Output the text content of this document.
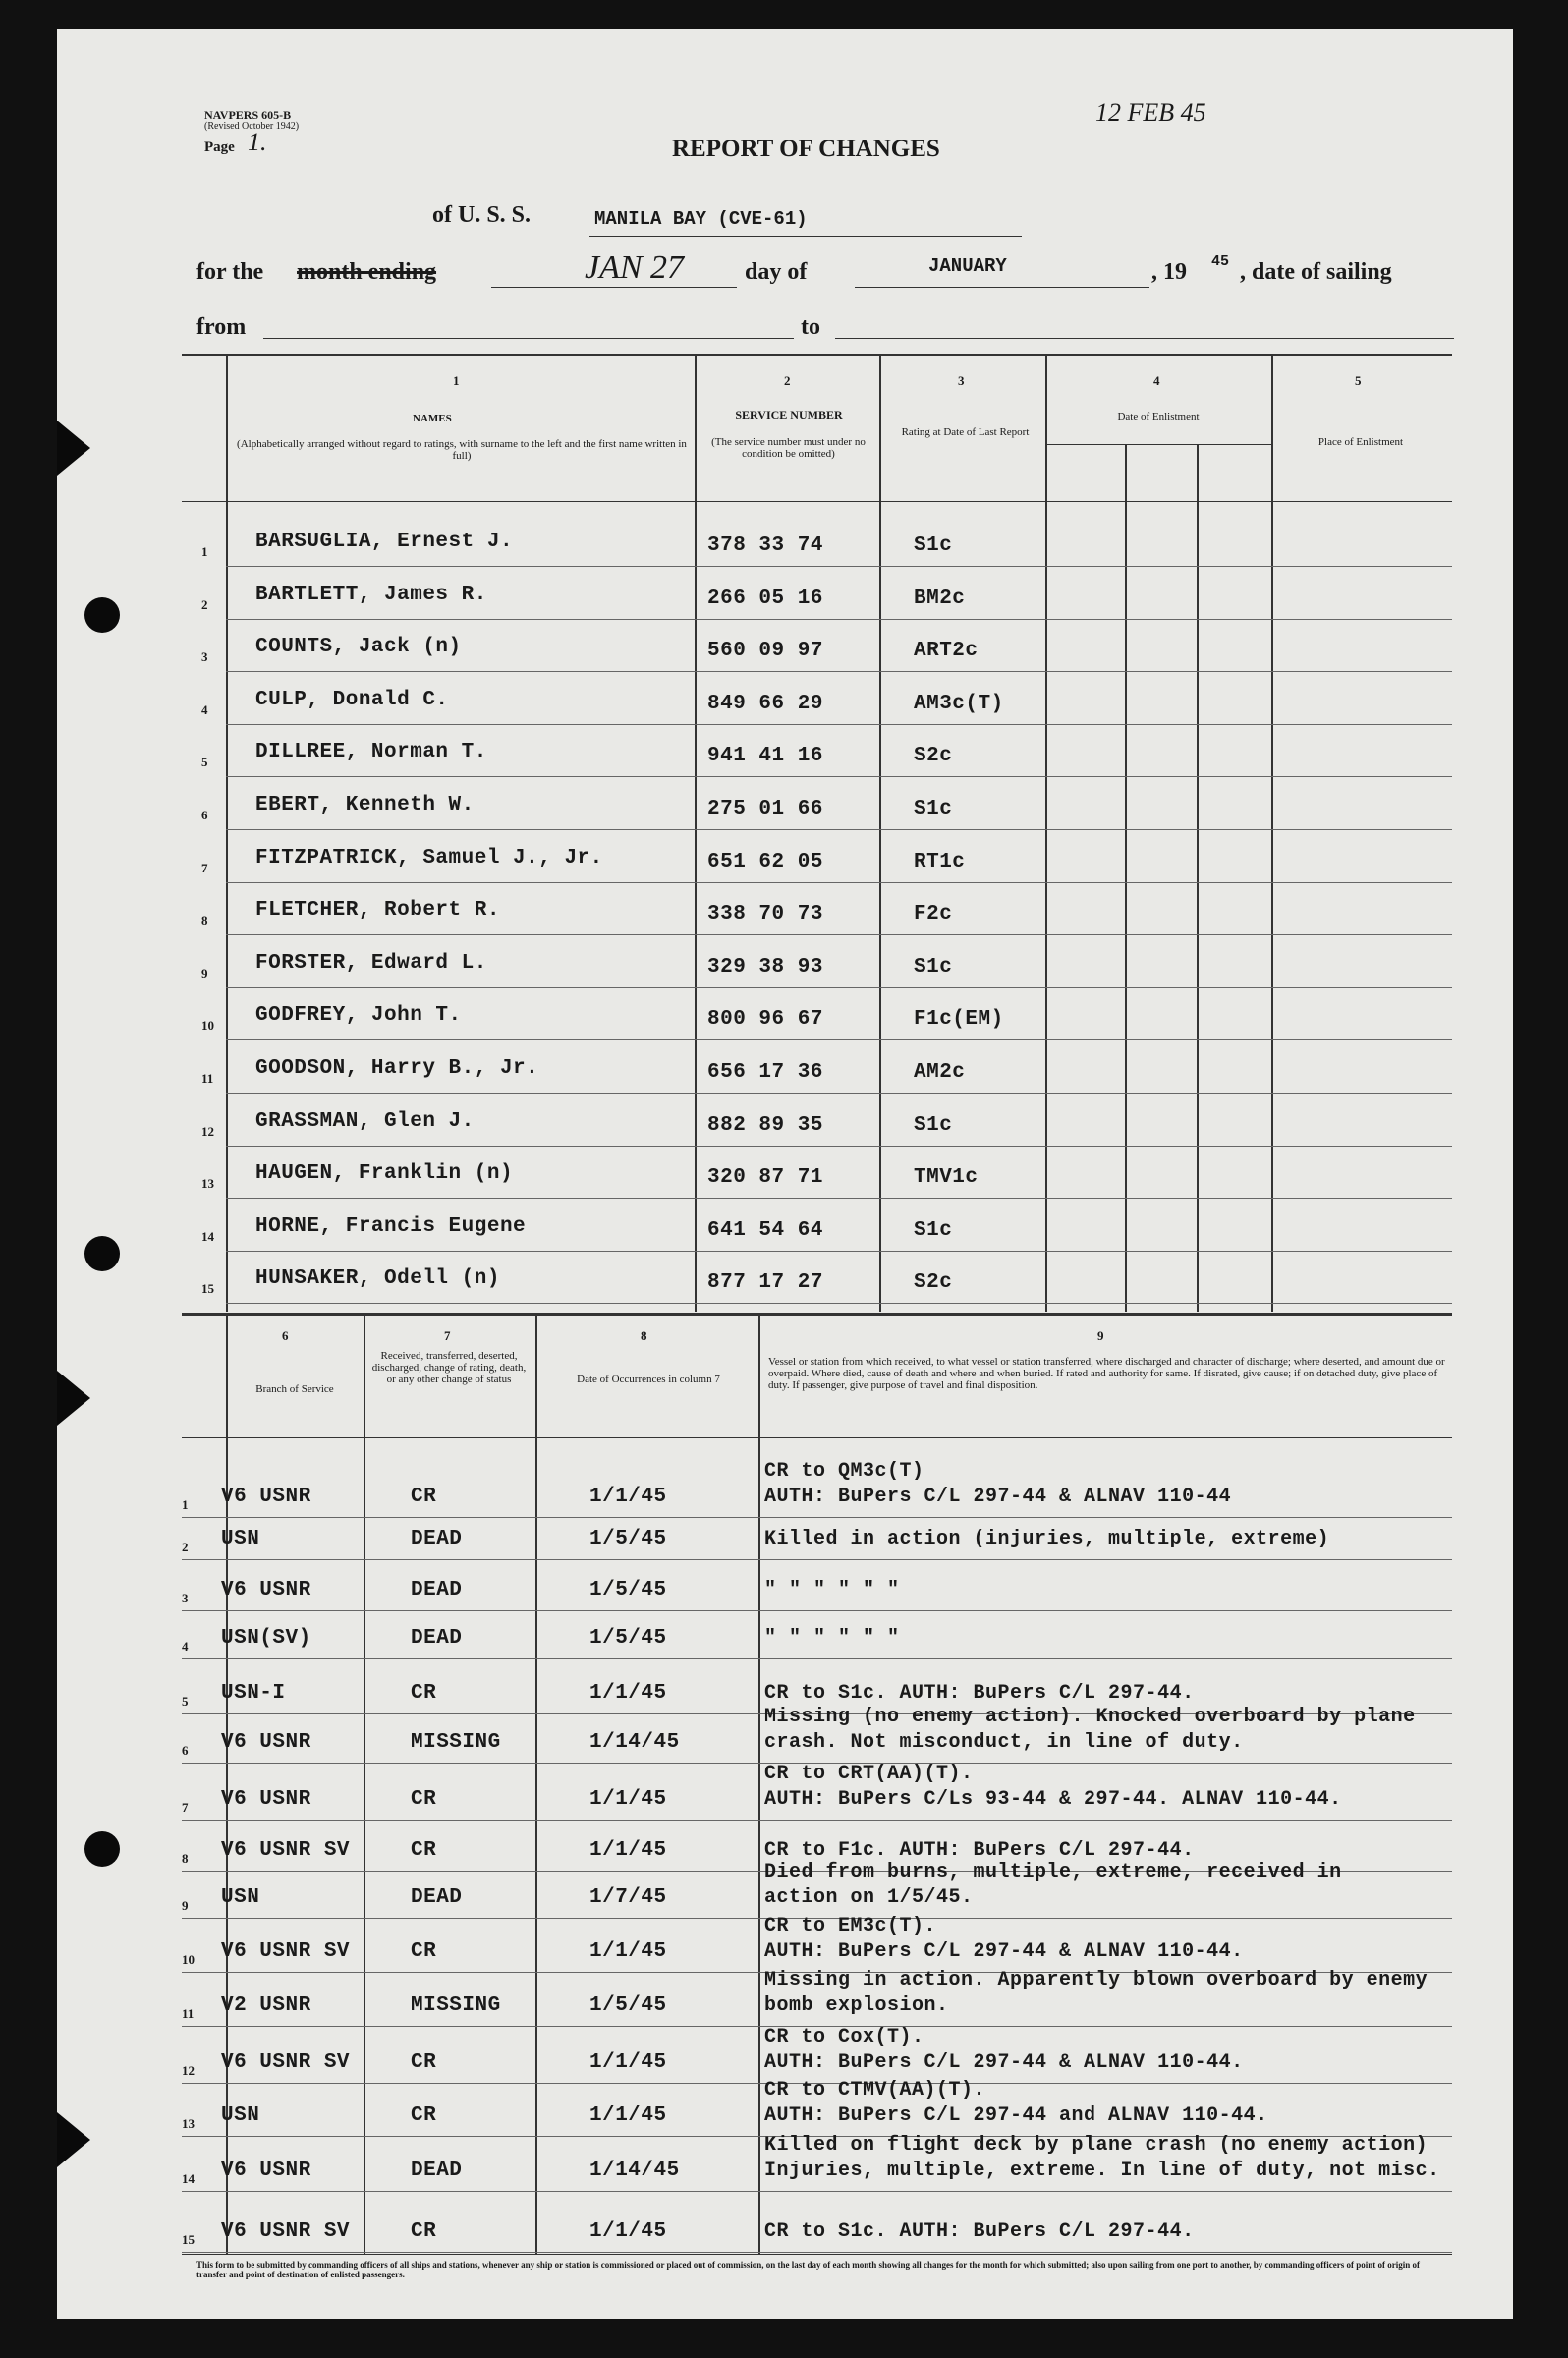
NAVPERS 605-B
(Revised October 1942)
Page 1.
12 FEB 45
REPORT OF CHANGES
of U. S. S.	MANILA BAY (CVE-61)
for the month ending	JAN 27	day of	JANUARY	, 19 45 , date of sailing
from	to
1
NAMES
(Alphabetically arranged without regard to ratings, with surname to the left and the first name written in full)
2
SERVICE NUMBER
(The service number must under no condition be omitted)
3
Rating at Date of Last Report
4
Date of Enlistment
5
Place of Enlistment
1 BARSUGLIA, Ernest J.	378 33 74	S1c
2 BARTLETT, James R.	266 05 16	BM2c
3 COUNTS, Jack (n)	560 09 97	ART2c
4 CULP, Donald C.	849 66 29	AM3c(T)
5 DILLREE, Norman T.	941 41 16	S2c
6 EBERT, Kenneth W.	275 01 66	S1c
7 FITZPATRICK, Samuel J., Jr.	651 62 05	RT1c
8 FLETCHER, Robert R.	338 70 73	F2c
9 FORSTER, Edward L.	329 38 93	S1c
10 GODFREY, John T.	800 96 67	F1c(EM)
11 GOODSON, Harry B., Jr.	656 17 36	AM2c
12 GRASSMAN, Glen J.	882 89 35	S1c
13 HAUGEN, Franklin (n)	320 87 71	TMV1c
14 HORNE, Francis Eugene	641 54 64	S1c
15 HUNSAKER, Odell (n)	877 17 27	S2c
6
Branch of Service
7
Received, transferred, deserted, discharged, change of rating, death, or any other change of status
8
Date of Occurrences in column 7
9
Vessel or station from which received, to what vessel or station transferred, where discharged and character of discharge; where deserted, and amount due or overpaid. Where died, cause of death and where and when buried. If rated and authority for same. If disrated, give cause; if on detached duty, give place of duty. If passenger, give purpose of travel and final disposition.
1 V6 USNR	CR	1/1/45
CR to QM3c(T)
AUTH: BuPers C/L 297-44 & ALNAV 110-44
2 USN	DEAD	1/5/45	Killed in action (injuries, multiple, extreme)
3 V6 USNR	DEAD	1/5/45	" " " " " "
4 USN(SV)	DEAD	1/5/45	" " " " " "
5 USN-I	CR	1/1/45	CR to S1c. AUTH: BuPers C/L 297-44.
6 V6 USNR	MISSING	1/14/45
Missing (no enemy action). Knocked overboard by plane
crash. Not misconduct, in line of duty.
7 V6 USNR	CR	1/1/45
CR to CRT(AA)(T).
AUTH: BuPers C/Ls 93-44 & 297-44. ALNAV 110-44.
8 V6 USNR SV	CR	1/1/45	CR to F1c. AUTH: BuPers C/L 297-44.
9 USN	DEAD	1/7/45
Died from burns, multiple, extreme, received in
action on 1/5/45.
10 V6 USNR SV	CR	1/1/45
CR to EM3c(T).
AUTH: BuPers C/L 297-44 & ALNAV 110-44.
11 V2 USNR	MISSING	1/5/45
Missing in action. Apparently blown overboard by enemy
bomb explosion.
12 V6 USNR SV	CR	1/1/45
CR to Cox(T).
AUTH: BuPers C/L 297-44 & ALNAV 110-44.
13 USN	CR	1/1/45
CR to CTMV(AA)(T).
AUTH: BuPers C/L 297-44 and ALNAV 110-44.
14 V6 USNR	DEAD	1/14/45
Killed on flight deck by plane crash (no enemy action)
Injuries, multiple, extreme. In line of duty, not misc.
15 V6 USNR SV	CR	1/1/45	CR to S1c. AUTH: BuPers C/L 297-44.
This form to be submitted by commanding officers of all ships and stations, whenever any ship or station is commissioned or placed out of commission, on the last day of each month showing all changes for the month for which submitted; also upon sailing from one port to another, by commanding officers of point of origin of transfer and point of destination of enlisted passengers.
